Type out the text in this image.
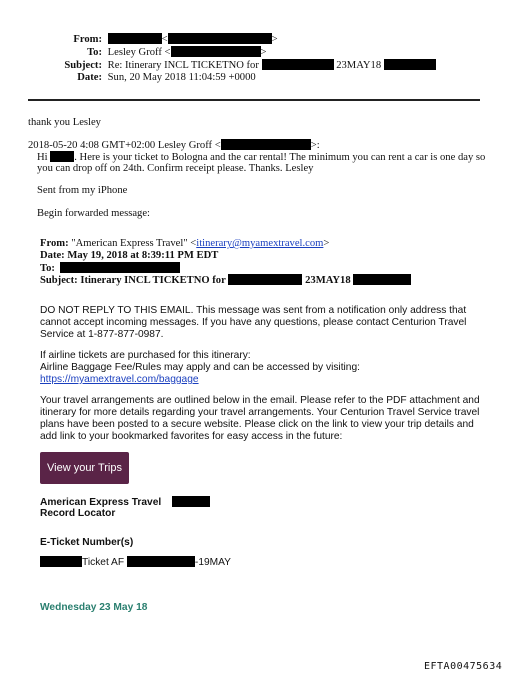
From:	<	>
To: Lesley Groff <	>
Subject: Re: Itinerary INCL TICKETNO for	23MAY18
Date: Sun, 20 May 2018 11:04:59 +0000
thank you Lesley
2018-05-20 4:08 GMT+02:00 Lesley Groff <	>:
Hi	. Here is your ticket to Bologna and the car rental! The minimum you can rent a car is one day so
you can drop off on 24th. Confirm receipt please. Thanks. Lesley
Sent from my iPhone
Begin forwarded message:
From: "American Express Travel" <itinerary@myamextravel.com>
Date: May 19, 2018 at 8:39:11 PM EDT
To:
Subject: Itinerary INCL TICKETNO for	23MAY18
DO NOT REPLY TO THIS EMAIL. This message was sent from a notification only address that
cannot accept incoming messages. If you have any questions, please contact Centurion Travel
Service at 1-877-877-0987.
If airline tickets are purchased for this itinerary:
Airline Baggage Fee/Rules may apply and can be accessed by visiting:
https://myamextravel.com/baggage
Your travel arrangements are outlined below in the email. Please refer to the PDF attachment and
itinerary for more details regarding your travel arrangements. Your Centurion Travel Service travel
plans have been posted to a secure website. Please click on the link to view your trip details and
add link to your bookmarked favorites for easy access in the future:
View your Trips
American Express Travel
Record Locator
E-Ticket Number(s)
Ticket AF	-19MAY
Wednesday 23 May 18
EFTA00475634
